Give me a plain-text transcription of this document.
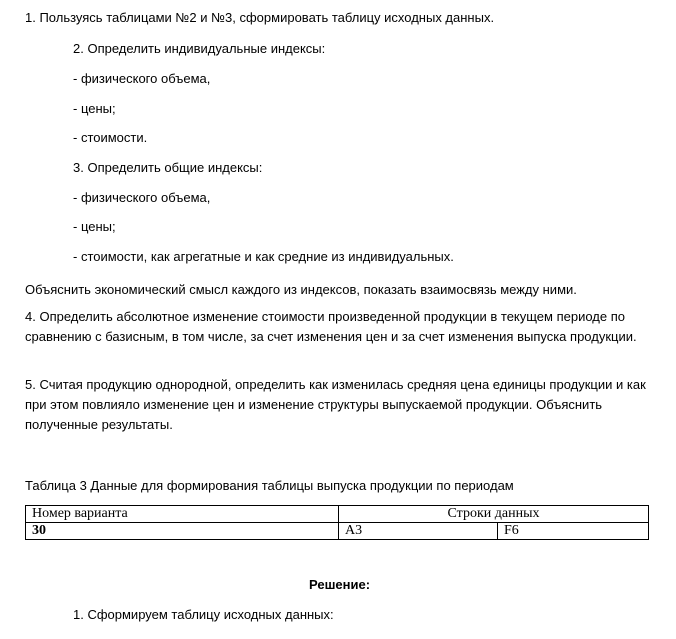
1. Пользуясь таблицами №2 и №3, сформировать таблицу исходных данных.
2. Определить индивидуальные индексы:
- физического объема,
- цены;
- стоимости.
3. Определить общие индексы:
- физического объема,
- цены;
- стоимости, как агрегатные и как средние из индивидуальных.
Объяснить экономический смысл каждого из индексов, показать взаимосвязь между ними.
4. Определить абсолютное изменение стоимости произведенной продукции в текущем периоде по сравнению с базисным, в том числе, за счет изменения цен и за счет изменения выпуска продукции.
5. Считая продукцию однородной, определить как изменилась средняя цена единицы продукции и как при этом повлияло изменение цен и изменение структуры выпускаемой продукции. Объяснить полученные результаты.
Таблица 3 Данные для формирования таблицы выпуска продукции по периодам
Номер варианта	Строки данных	
30	А3	F6
Решение:
1. Сформируем таблицу исходных данных:
